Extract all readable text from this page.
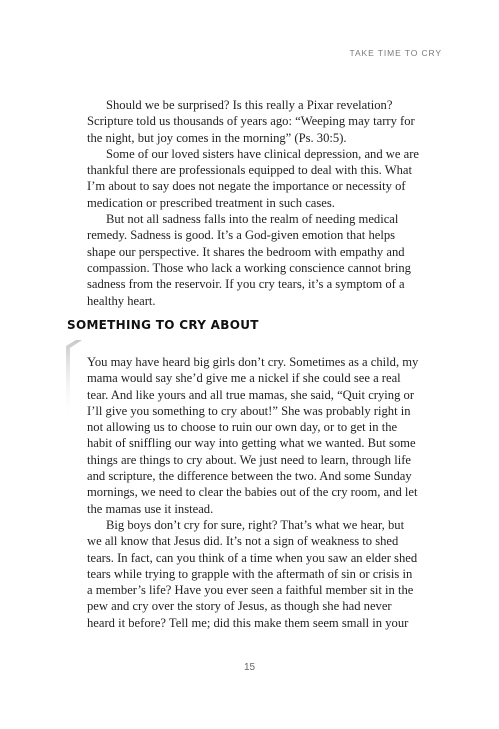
TAKE TIME TO CRY

Should we be surprised? Is this really a Pixar revelation? Scripture told us thousands of years ago: “Weeping may tarry for the night, but joy comes in the morning” (Ps. 30:5).

Some of our loved sisters have clinical depression, and we are thankful there are professionals equipped to deal with this. What I’m about to say does not negate the importance or necessity of medication or prescribed treatment in such cases.

But not all sadness falls into the realm of needing medical remedy. Sadness is good. It’s a God-given emotion that helps shape our perspective. It shares the bedroom with empathy and compassion. Those who lack a working conscience cannot bring sadness from the reservoir. If you cry tears, it’s a symptom of a healthy heart.

SOMETHING TO CRY ABOUT

You may have heard big girls don’t cry. Sometimes as a child, my mama would say she’d give me a nickel if she could see a real tear. And like yours and all true mamas, she said, “Quit crying or I’ll give you something to cry about!” She was probably right in not allowing us to choose to ruin our own day, or to get in the habit of sniffling our way into getting what we wanted. But some things are things to cry about. We just need to learn, through life and scripture, the difference between the two. And some Sunday mornings, we need to clear the babies out of the cry room, and let the mamas use it instead.

Big boys don’t cry for sure, right? That’s what we hear, but we all know that Jesus did. It’s not a sign of weakness to shed tears. In fact, can you think of a time when you saw an elder shed tears while trying to grapple with the aftermath of sin or crisis in a member’s life? Have you ever seen a faithful member sit in the pew and cry over the story of Jesus, as though she had never heard it before? Tell me; did this make them seem small in your

15
